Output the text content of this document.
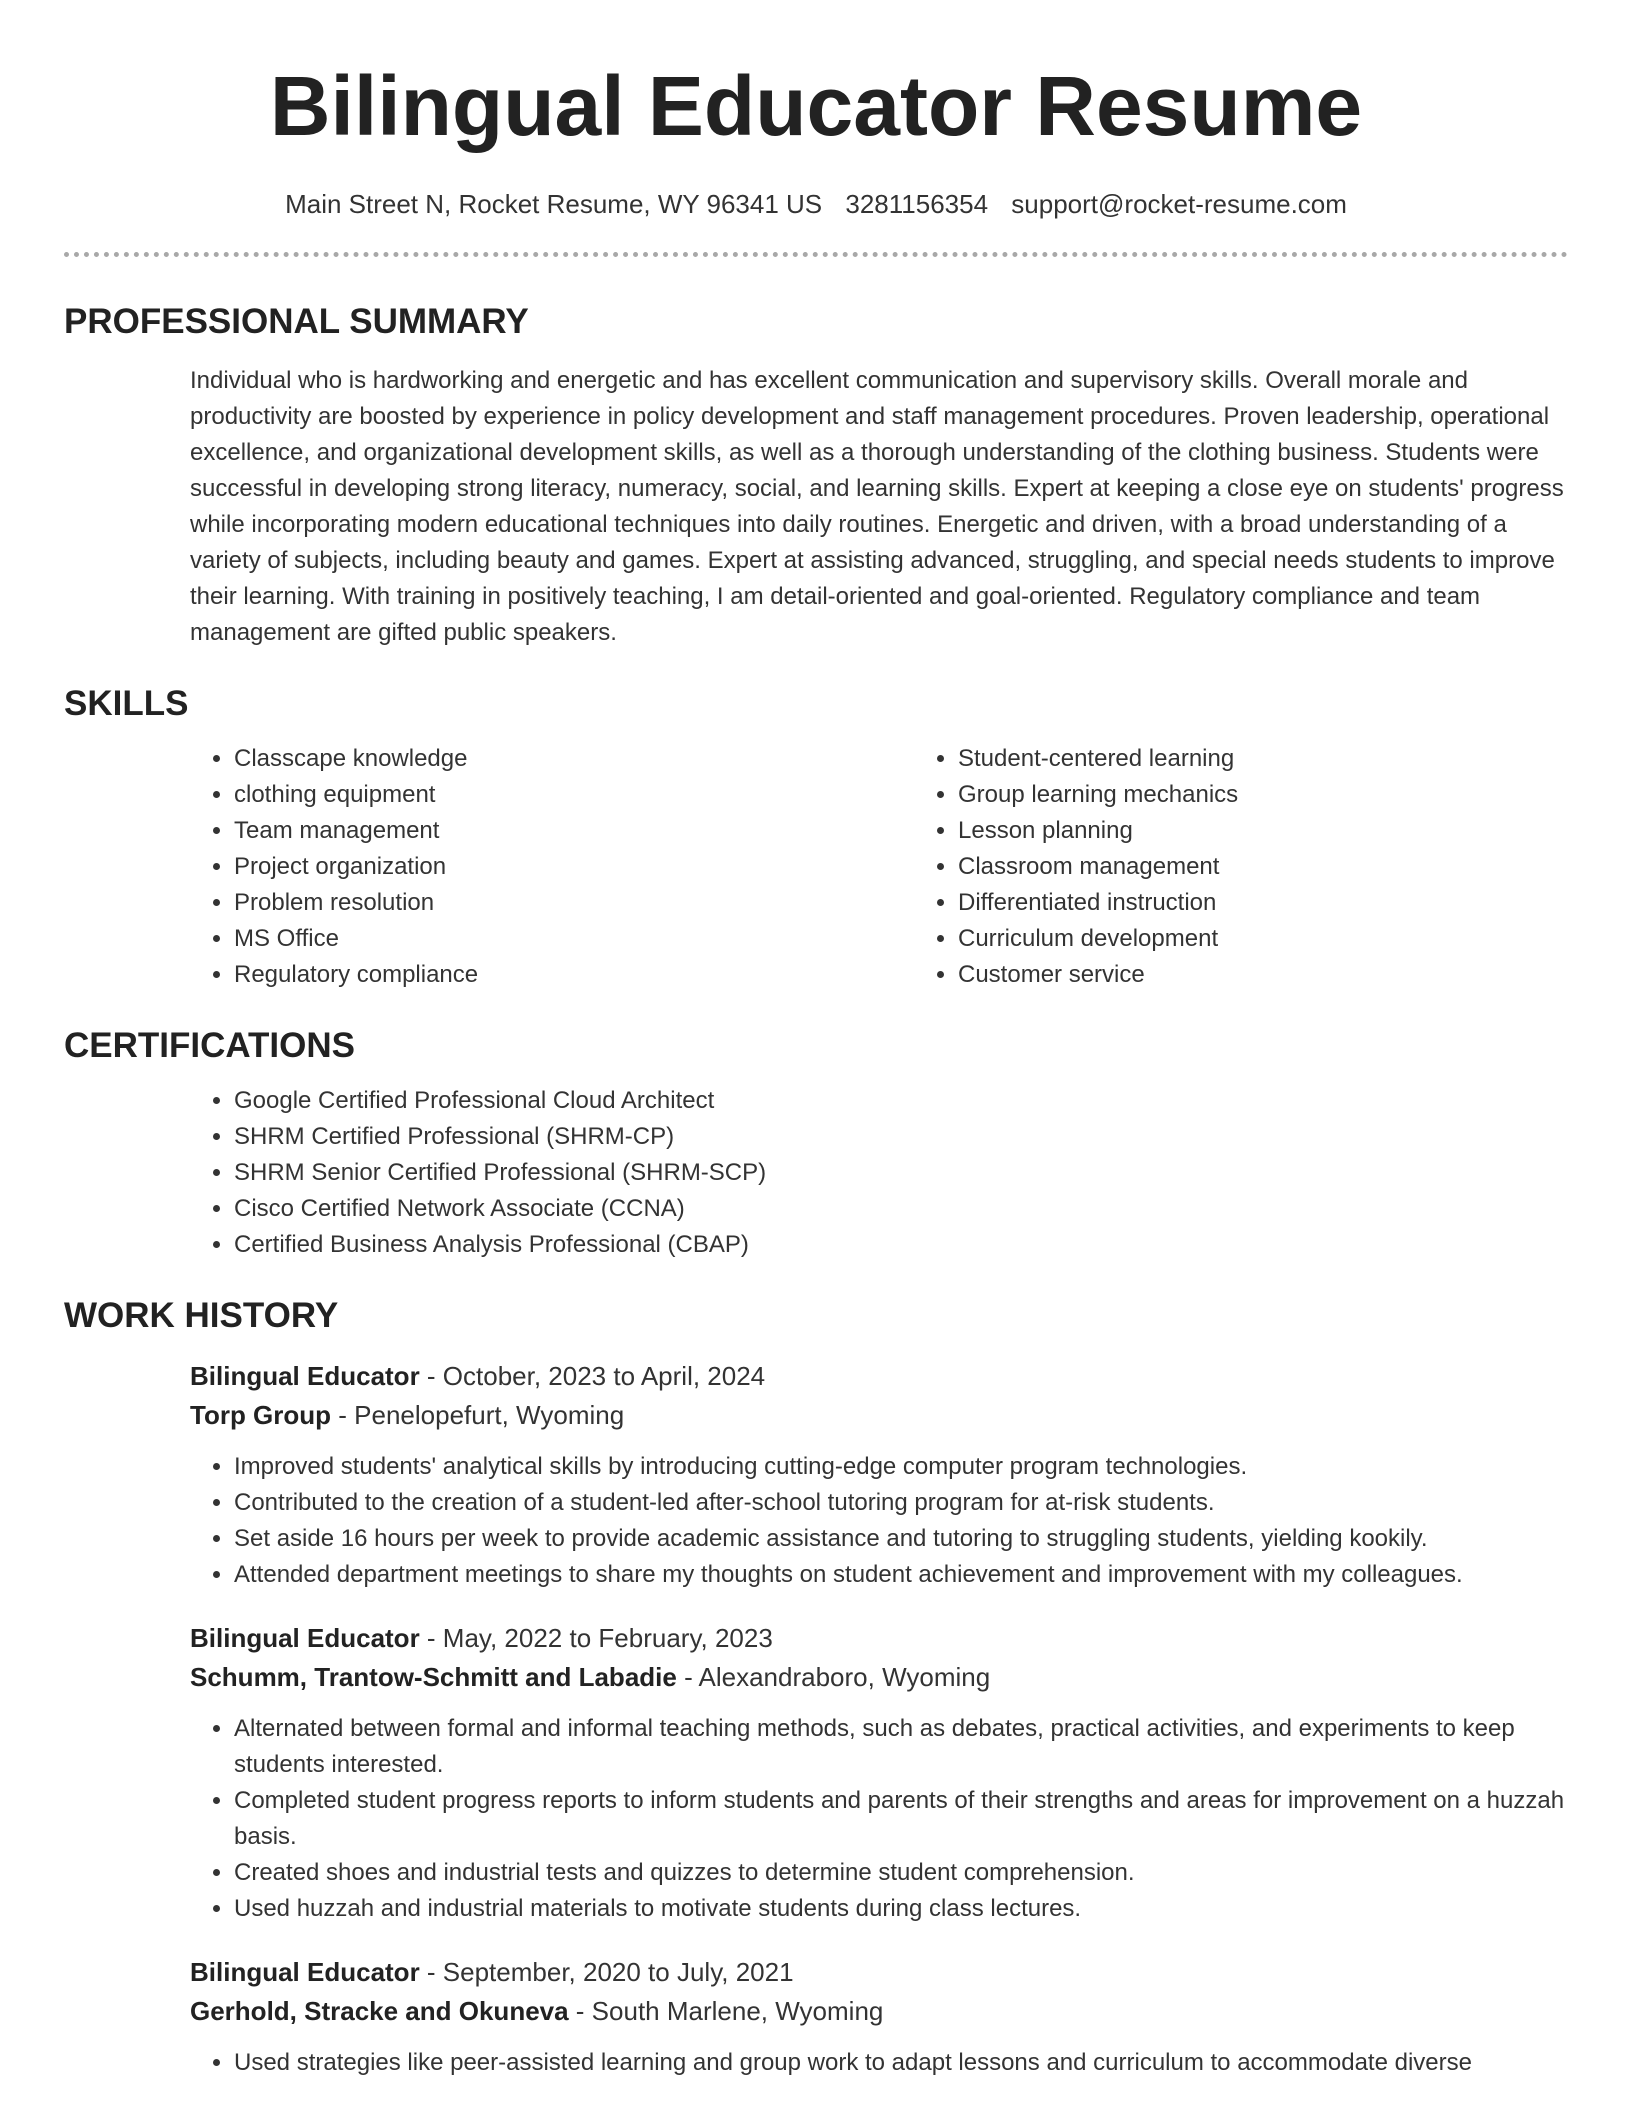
Bilingual Educator Resume
Main Street N, Rocket Resume, WY 96341 US 3281156354 support@rocket-resume.com
PROFESSIONAL SUMMARY

Individual who is hardworking and energetic and has excellent communication and supervisory skills. Overall morale and productivity are boosted by experience in policy development and staff management procedures. Proven leadership, operational excellence, and organizational development skills, as well as a thorough understanding of the clothing business. Students were successful in developing strong literacy, numeracy, social, and learning skills. Expert at keeping a close eye on students' progress while incorporating modern educational techniques into daily routines. Energetic and driven, with a broad understanding of a variety of subjects, including beauty and games. Expert at assisting advanced, struggling, and special needs students to improve their learning. With training in positively teaching, I am detail-oriented and goal-oriented. Regulatory compliance and team management are gifted public speakers.

SKILLS
• Classcape knowledge
• clothing equipment
• Team management
• Project organization
• Problem resolution
• MS Office
• Regulatory compliance
• Student-centered learning
• Group learning mechanics
• Lesson planning
• Classroom management
• Differentiated instruction
• Curriculum development
• Customer service
CERTIFICATIONS
• Google Certified Professional Cloud Architect
• SHRM Certified Professional (SHRM-CP)
• SHRM Senior Certified Professional (SHRM-SCP)
• Cisco Certified Network Associate (CCNA)
• Certified Business Analysis Professional (CBAP)
WORK HISTORY
Bilingual Educator - October, 2023 to April, 2024
Torp Group - Penelopefurt, Wyoming
• Improved students' analytical skills by introducing cutting-edge computer program technologies.
• Contributed to the creation of a student-led after-school tutoring program for at-risk students.
• Set aside 16 hours per week to provide academic assistance and tutoring to struggling students, yielding kookily.
• Attended department meetings to share my thoughts on student achievement and improvement with my colleagues.
Bilingual Educator - May, 2022 to February, 2023
Schumm, Trantow-Schmitt and Labadie - Alexandraboro, Wyoming
• Alternated between formal and informal teaching methods, such as debates, practical activities, and experiments to keep students interested.
• Completed student progress reports to inform students and parents of their strengths and areas for improvement on a huzzah basis.
• Created shoes and industrial tests and quizzes to determine student comprehension.
• Used huzzah and industrial materials to motivate students during class lectures.
Bilingual Educator - September, 2020 to July, 2021
Gerhold, Stracke and Okuneva - South Marlene, Wyoming
• Used strategies like peer-assisted learning and group work to adapt lessons and curriculum to accommodate diverse
